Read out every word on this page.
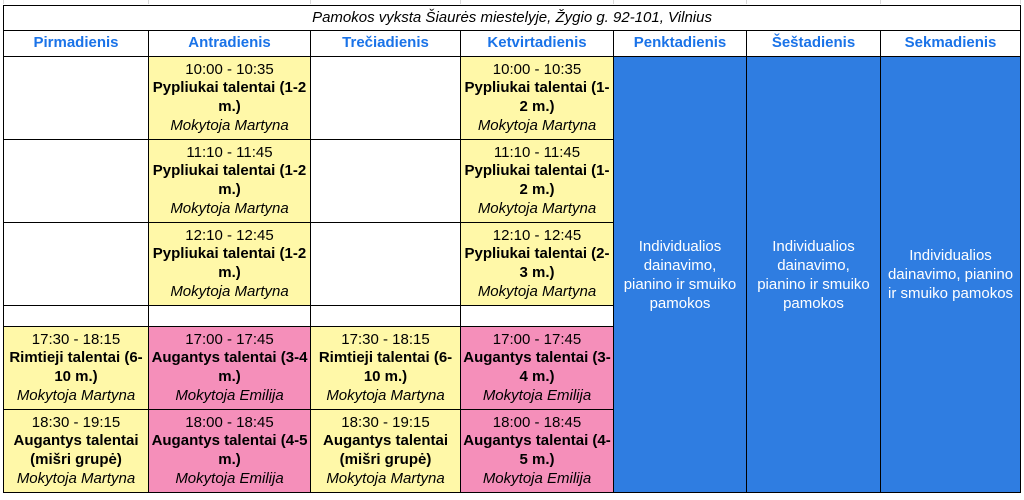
Pamokos vyksta Šiaurės miestelyje, Žygio g. 92-101, Vilnius						
Pirmadienis	Antradienis	Trečiadienis	Ketvirtadienis	Penktadienis	Šeštadienis	Sekmadienis

	10:00 - 10:35
Pypliukai talentai (1-2 m.)
Mokytoja Martyna		10:00 - 10:35
Pypliukai talentai (1-2 m.)
Mokytoja Martyna	Individualios dainavimo, pianino ir smuiko pamokos	Individualios dainavimo, pianino ir smuiko pamokos	Individualios dainavimo, pianino ir smuiko pamokos

	11:10 - 11:45
Pypliukai talentai (1-2 m.)
Mokytoja Martyna		11:10 - 11:45
Pypliukai talentai (1-2 m.)
Mokytoja Martyna			

	12:10 - 12:45
Pypliukai talentai (1-2 m.)
Mokytoja Martyna		12:10 - 12:45
Pypliukai talentai (2-3 m.)
Mokytoja Martyna			

17:30 - 18:15
Rimtieji talentai (6-10 m.)
Mokytoja Martyna	17:00 - 17:45
Augantys talentai (3-4 m.)
Mokytoja Emilija	17:30 - 18:15
Rimtieji talentai (6-10 m.)
Mokytoja Martyna	17:00 - 17:45
Augantys talentai (3-4 m.)
Mokytoja Emilija			

18:30 - 19:15
Augantys talentai (mišri grupė)
Mokytoja Martyna	18:00 - 18:45
Augantys talentai (4-5 m.)
Mokytoja Emilija	18:30 - 19:15
Augantys talentai (mišri grupė)
Mokytoja Martyna	18:00 - 18:45
Augantys talentai (4-5 m.)
Mokytoja Emilija			
